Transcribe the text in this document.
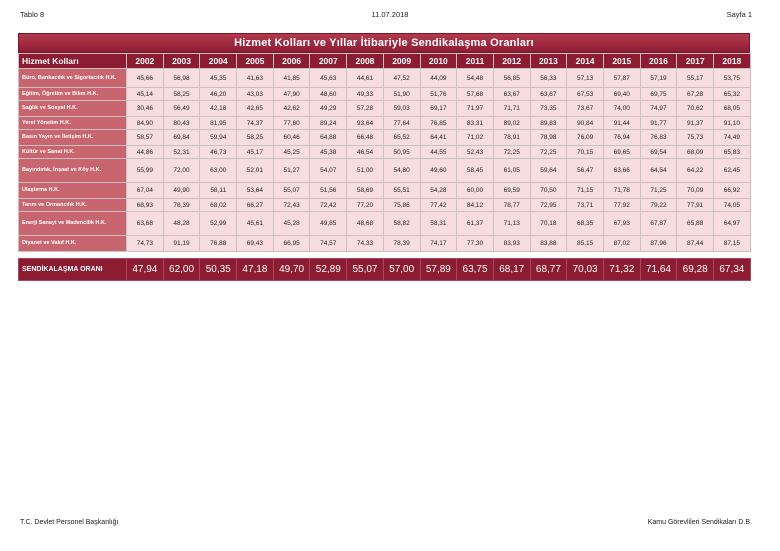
Tablo 8	11.07.2018	Sayfa 1
Hizmet Kolları ve Yıllar İtibariyle Sendikalaşma Oranları
Hizmet Kolları	2002	2003	2004	2005	2006	2007	2008	2009	2010	2011	2012	2013	2014	2015	2016	2017	2018
Büro, Bankacılık ve Sigortacılık H.K.	45,66	56,98	45,35	41,63	41,85	45,63	44,61	47,52	44,09	54,48	56,85	56,33	57,13	57,87	57,19	55,17	53,75
Eğitim, Öğretim ve Bilim H.K.	45,14	58,25	46,20	43,03	47,90	48,60	49,33	51,90	51,76	57,68	63,67	63,67	67,53	69,40	69,75	67,28	65,32
Sağlık ve Sosyal H.K.	30,46	56,49	42,18	42,65	42,62	49,29	57,28	59,03	69,17	71,97	71,71	73,35	73,67	74,00	74,97	70,62	68,05
Yerel Yönetim H.K.	84,90	80,43	81,95	74,37	77,60	89,24	93,64	77,64	76,85	83,31	89,02	89,83	90,84	91,44	91,77	91,37	91,10
Basın Yayın ve İletişim H.K.	58,57	69,84	59,94	58,25	60,46	64,88	66,48	65,52	64,41	71,02	78,91	78,98	76,09	76,94	76,83	75,73	74,49
Kültür ve Sanat H.K.	44,86	52,31	46,73	45,17	45,25	45,38	46,54	50,95	44,55	52,43	72,25	72,25	70,15	69,65	69,54	68,09	65,83
Bayındırlık, İnşaat ve Köy H.K.	55,99	72,00	63,00	52,01	51,27	54,07	51,00	54,80	49,60	58,45	61,05	59,64	56,47	63,66	64,54	64,22	62,45
Ulaştırma H.K.	67,04	49,90	58,11	53,64	55,07	51,56	58,69	55,51	54,28	60,00	69,59	70,50	71,15	71,78	71,25	70,09	66,92
Tarım ve Ormancılık H.K.	68,93	78,39	68,02	66,27	72,43	72,42	77,20	75,86	77,42	84,12	78,77	72,95	73,71	77,92	79,22	77,91	74,05
Enerji Sanayi ve Madencilik H.K.	63,68	48,28	52,99	45,61	45,28	49,85	48,68	58,82	58,31	61,37	71,13	70,18	68,35	67,93	67,87	65,88	64,97
Diyanet ve Vakıf H.K.	74,73	91,19	76,88	69,43	66,95	74,57	74,33	78,39	74,17	77,30	83,93	83,88	85,15	87,02	87,96	87,44	87,15

SENDİKALAŞMA ORANI	47,94	62,00	50,35	47,18	49,70	52,89	55,07	57,00	57,89	63,75	68,17	68,77	70,03	71,32	71,64	69,28	67,34
T.C. Devlet Personel Başkanlığı	Kamu Görevlileri Sendikaları D.B.
